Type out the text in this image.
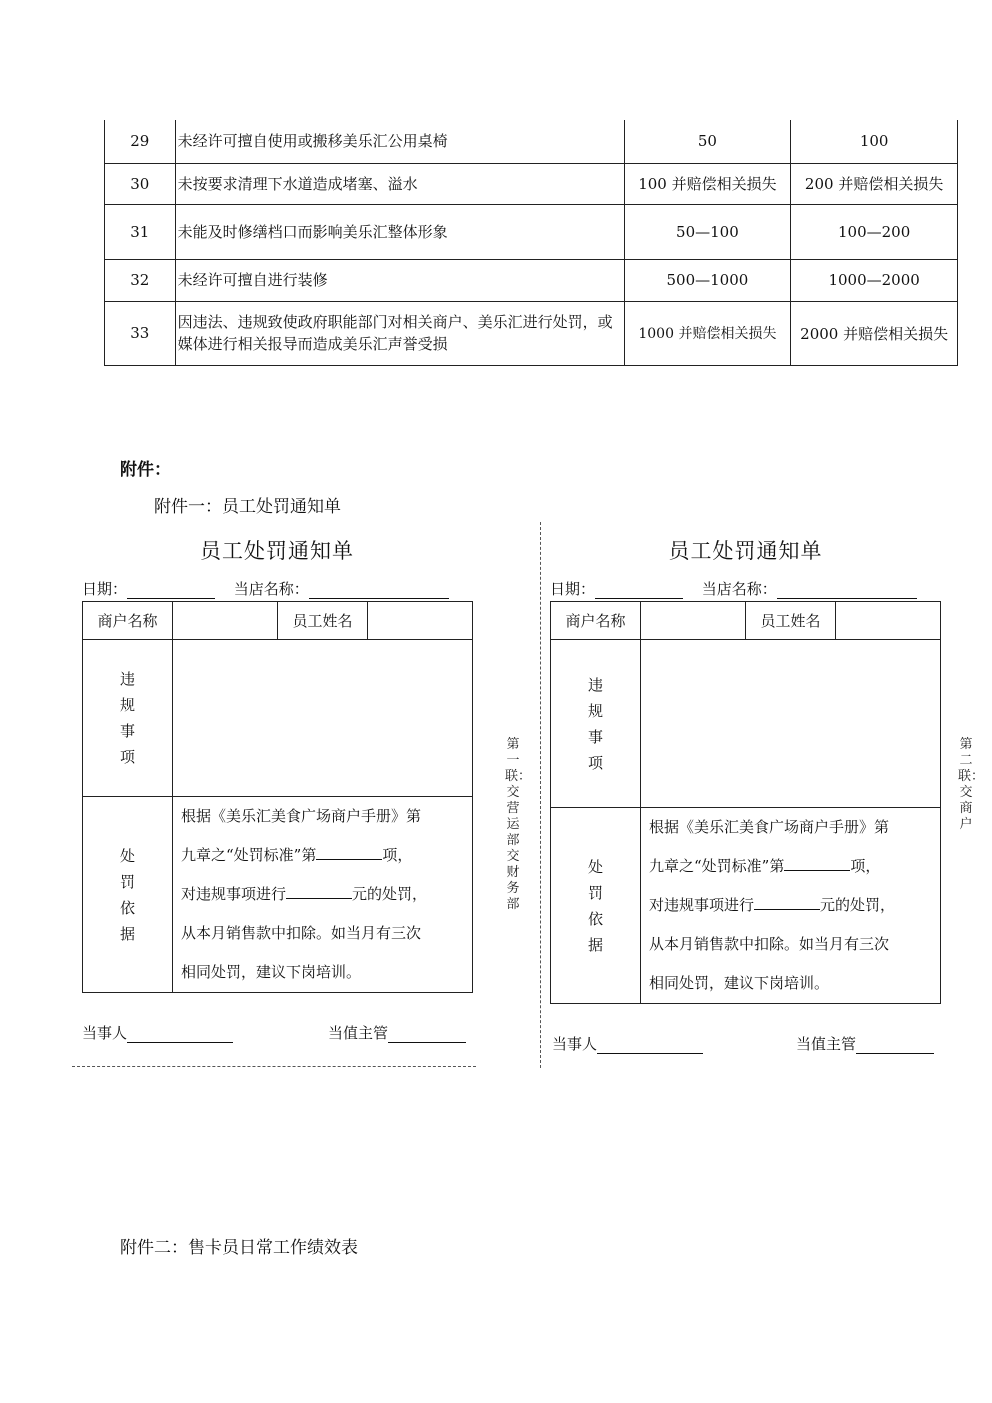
29	未经许可擅自使用或搬移美乐汇公用桌椅	50	100
30	未按要求清理下水道造成堵塞、溢水	100 并赔偿相关损失	200 并赔偿相关损失
31	未能及时修缮档口而影响美乐汇整体形象	50—100	100—200
32	未经许可擅自进行装修	500—1000	1000—2000
33	因违法、违规致使政府职能部门对相关商户、美乐汇进行处罚，或媒体进行相关报导而造成美乐汇声誉受损	1000 并赔偿相关损失	2000 并赔偿相关损失
附件：
附件一：员工处罚通知单
员工处罚通知单
日期：	当店名称：
商户名称		员工姓名	
违规事项			
处罚依据	根据《美乐汇美食广场商户手册》第
九章之“处罚标准”第 项，
对违规事项进行 元的处罚，
从本月销售款中扣除。如当月有三次
相同处罚，建议下岗培训。		
当事人	当值主管
第一联：交营运部交财务部
员工处罚通知单
日期：	当店名称：
商户名称		员工姓名	
违规事项			
处罚依据	根据《美乐汇美食广场商户手册》第
九章之“处罚标准”第 项，
对违规事项进行 元的处罚，
从本月销售款中扣除。如当月有三次
相同处罚，建议下岗培训。		
当事人	当值主管
第二联：交商户
附件二：售卡员日常工作绩效表
